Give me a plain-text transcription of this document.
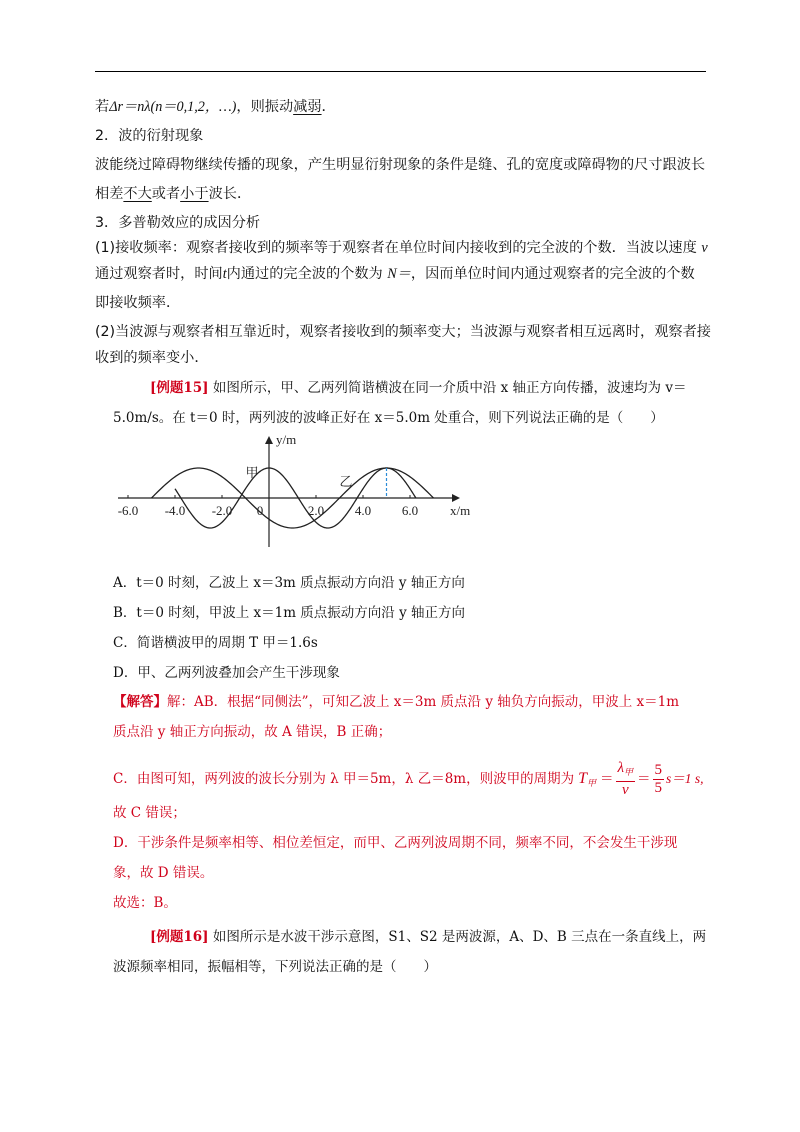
若Δr＝nλ(n＝0,1,2，…)，则振动减弱．
2．波的衍射现象
波能绕过障碍物继续传播的现象，产生明显衍射现象的条件是缝、孔的宽度或障碍物的尺寸跟波长
相差不大或者小于波长．
3．多普勒效应的成因分析
(1)接收频率：观察者接收到的频率等于观察者在单位时间内接收到的完全波的个数．当波以速度 v
通过观察者时，时间t内通过的完全波的个数为 N＝，因而单位时间内通过观察者的完全波的个数
即接收频率．
(2)当波源与观察者相互靠近时，观察者接收到的频率变大；当波源与观察者相互远离时，观察者接
收到的频率变小．
[例题15] 如图所示，甲、乙两列简谐横波在同一介质中沿 x 轴正方向传播，波速均为 v＝
5.0m/s。在 t＝0 时，两列波的波峰正好在 x＝5.0m 处重合，则下列说法正确的是（　　）
-6.0 -4.0 -2.0 0	2.0 4.0 6.0
y/m
x/m
甲
乙
A．t＝0 时刻，乙波上 x＝3m 质点振动方向沿 y 轴正方向
B．t＝0 时刻，甲波上 x＝1m 质点振动方向沿 y 轴正方向
C．简谐横波甲的周期 T 甲＝1.6s
D．甲、乙两列波叠加会产生干涉现象
【解答】解：AB．根据“同侧法”，可知乙波上 x＝3m 质点沿 y 轴负方向振动，甲波上 x＝1m
质点沿 y 轴正方向振动，故 A 错误，B 正确；
C．由图可知，两列波的波长分别为 λ 甲＝5m，λ 乙＝8m，则波甲的周期为 $T_甲 = \frac{\lambda_甲}{v} = \frac{5}{5} s=1$ s,
故 C 错误；
D．干涉条件是频率相等、相位差恒定，而甲、乙两列波周期不同，频率不同，不会发生干涉现
象，故 D 错误。
故选：B。
[例题16] 如图所示是水波干涉示意图，S1、S2 是两波源，A、D、B 三点在一条直线上，两
波源频率相同，振幅相等，下列说法正确的是（　　）
